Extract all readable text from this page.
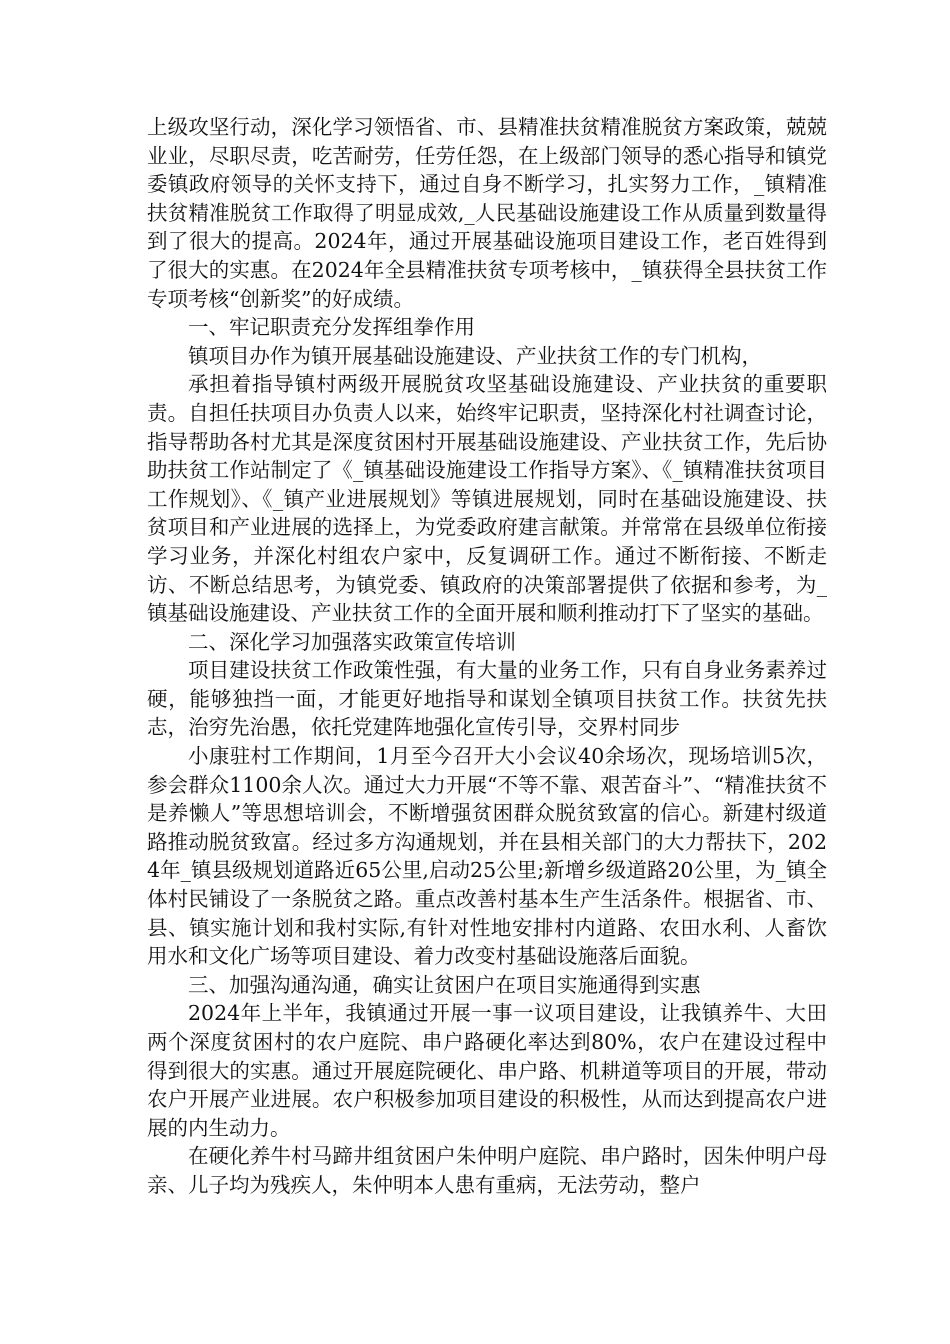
上级攻坚行动，深化学习领悟省、市、县精准扶贫精准脱贫方案政策，兢兢业业，尽职尽责，吃苦耐劳，任劳任怨，在上级部门领导的悉心指导和镇党委镇政府领导的关怀支持下，通过自身不断学习，扎实努力工作，_镇精准扶贫精准脱贫工作取得了明显成效,_人民基础设施建设工作从质量到数量得到了很大的提高。2024年，通过开展基础设施项目建设工作，老百姓得到了很大的实惠。在2024年全县精准扶贫专项考核中，_镇获得全县扶贫工作专项考核“创新奖”的好成绩。

一、牢记职责充分发挥组拳作用

镇项目办作为镇开展基础设施建设、产业扶贫工作的专门机构，

承担着指导镇村两级开展脱贫攻坚基础设施建设、产业扶贫的重要职责。自担任扶项目办负责人以来，始终牢记职责，坚持深化村社调查讨论，指导帮助各村尤其是深度贫困村开展基础设施建设、产业扶贫工作，先后协助扶贫工作站制定了《_镇基础设施建设工作指导方案》、《_镇精准扶贫项目工作规划》、《_镇产业进展规划》等镇进展规划，同时在基础设施建设、扶贫项目和产业进展的选择上，为党委政府建言献策。并常常在县级单位衔接学习业务，并深化村组农户家中，反复调研工作。通过不断衔接、不断走访、不断总结思考，为镇党委、镇政府的决策部署提供了依据和参考，为_镇基础设施建设、产业扶贫工作的全面开展和顺利推动打下了坚实的基础。

二、深化学习加强落实政策宣传培训

项目建设扶贫工作政策性强，有大量的业务工作，只有自身业务素养过硬，能够独挡一面，才能更好地指导和谋划全镇项目扶贫工作。扶贫先扶志，治穷先治愚，依托党建阵地强化宣传引导，交界村同步

小康驻村工作期间，1月至今召开大小会议40余场次，现场培训5次，参会群众1100余人次。通过大力开展“不等不靠、艰苦奋斗”、“精准扶贫不是养懒人”等思想培训会，不断增强贫困群众脱贫致富的信心。新建村级道路推动脱贫致富。经过多方沟通规划，并在县相关部门的大力帮扶下，2024年_镇县级规划道路近65公里,启动25公里;新增乡级道路20公里，为_镇全体村民铺设了一条脱贫之路。重点改善村基本生产生活条件。根据省、市、县、镇实施计划和我村实际,有针对性地安排村内道路、农田水利、人畜饮用水和文化广场等项目建设、着力改变村基础设施落后面貌。

三、加强沟通沟通，确实让贫困户在项目实施通得到实惠

2024年上半年，我镇通过开展一事一议项目建设，让我镇养牛、大田两个深度贫困村的农户庭院、串户路硬化率达到80%，农户在建设过程中得到很大的实惠。通过开展庭院硬化、串户路、机耕道等项目的开展，带动农户开展产业进展。农户积极参加项目建设的积极性，从而达到提高农户进展的内生动力。

在硬化养牛村马蹄井组贫困户朱仲明户庭院、串户路时，因朱仲明户母亲、儿子均为残疾人，朱仲明本人患有重病，无法劳动，整户
